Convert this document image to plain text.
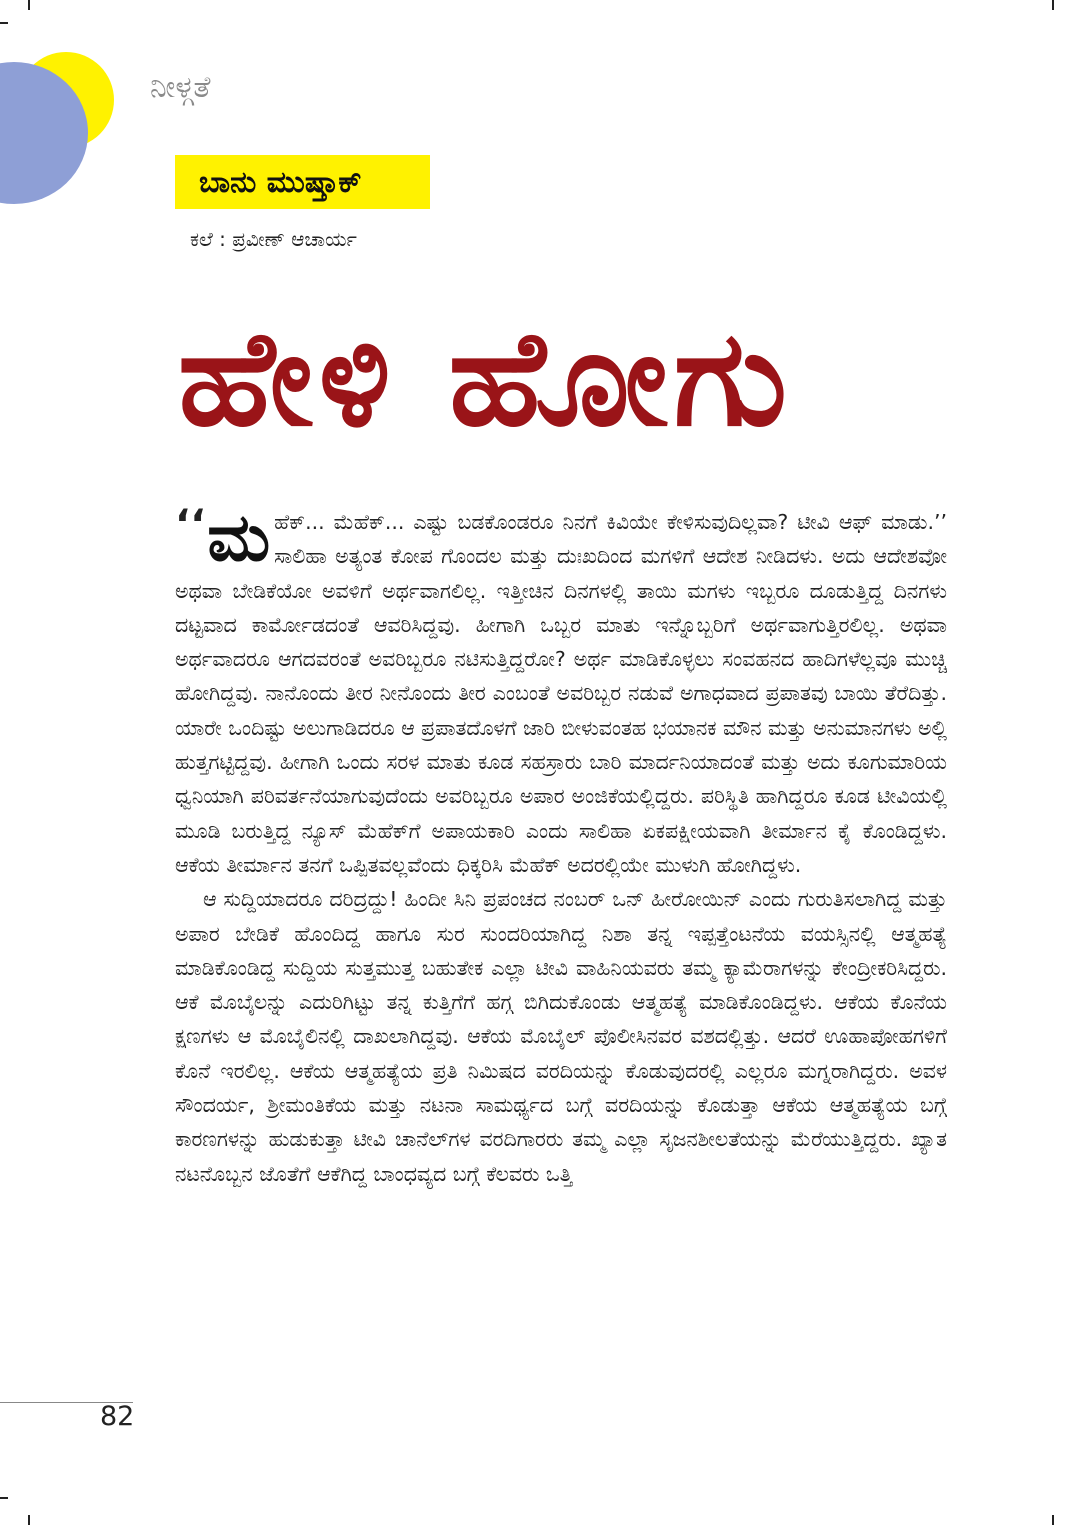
ನೀಳ್ಗತೆ
ಬಾನು ಮುಷ್ತಾಕ್
ಕಲೆ : ಪ್ರವೀಣ್ ಆಚಾರ್ಯ
ಹೇಳಿ ಹೋಗು

‘‘ ಮ ಹೆಕ್... ಮೆಹೆಕ್... ಎಷ್ಟು ಬಡಕೊಂಡರೂ ನಿನಗೆ ಕಿವಿಯೇ ಕೇಳಿಸುವುದಿಲ್ಲವಾ? ಟೀವಿ ಆಫ್ ಮಾಡು.’’ ಸಾಲಿಹಾ ಅತ್ಯಂತ ಕೋಪ ಗೊಂದಲ ಮತ್ತು ದುಃಖದಿಂದ ಮಗಳಿಗೆ ಆದೇಶ ನೀಡಿದಳು. ಅದು ಆದೇಶವೋ ಅಥವಾ ಬೇಡಿಕೆಯೋ ಅವಳಿಗೆ ಅರ್ಥವಾಗಲಿಲ್ಲ. ಇತ್ತೀಚಿನ ದಿನಗಳಲ್ಲಿ ತಾಯಿ ಮಗಳು ಇಬ್ಬರೂ ದೂಡುತ್ತಿದ್ದ ದಿನಗಳು ದಟ್ಟವಾದ ಕಾರ್ಮೋಡದಂತೆ ಆವರಿಸಿದ್ದವು. ಹೀಗಾಗಿ ಒಬ್ಬರ ಮಾತು ಇನ್ನೊಬ್ಬರಿಗೆ ಅರ್ಥವಾಗುತ್ತಿರಲಿಲ್ಲ. ಅಥವಾ ಅರ್ಥವಾದರೂ ಆಗದವರಂತೆ ಅವರಿಬ್ಬರೂ ನಟಿಸುತ್ತಿದ್ದರೋ? ಅರ್ಥ ಮಾಡಿಕೊಳ್ಳಲು ಸಂವಹನದ ಹಾದಿಗಳೆಲ್ಲವೂ ಮುಚ್ಚಿ ಹೋಗಿದ್ದವು. ನಾನೊಂದು ತೀರ ನೀನೊಂದು ತೀರ ಎಂಬಂತೆ ಅವರಿಬ್ಬರ ನಡುವೆ ಅಗಾಧವಾದ ಪ್ರಪಾತವು ಬಾಯಿ ತೆರೆದಿತ್ತು. ಯಾರೇ ಒಂದಿಷ್ಟು ಅಲುಗಾಡಿದರೂ ಆ ಪ್ರಪಾತದೊಳಗೆ ಜಾರಿ ಬೀಳುವಂತಹ ಭಯಾನಕ ಮೌನ ಮತ್ತು ಅನುಮಾನಗಳು ಅಲ್ಲಿ ಹುತ್ತಗಟ್ಟಿದ್ದವು. ಹೀಗಾಗಿ ಒಂದು ಸರಳ ಮಾತು ಕೂಡ ಸಹಸ್ರಾರು ಬಾರಿ ಮಾರ್ದನಿಯಾದಂತೆ ಮತ್ತು ಅದು ಕೂಗುಮಾರಿಯ ಧ್ವನಿಯಾಗಿ ಪರಿವರ್ತನೆಯಾಗುವುದೆಂದು ಅವರಿಬ್ಬರೂ ಅಪಾರ ಅಂಜಿಕೆಯಲ್ಲಿದ್ದರು. ಪರಿಸ್ಥಿತಿ ಹಾಗಿದ್ದರೂ ಕೂಡ ಟೀವಿಯಲ್ಲಿ ಮೂಡಿ ಬರುತ್ತಿದ್ದ ನ್ಯೂಸ್ ಮೆಹೆಕ್‌ಗೆ ಅಪಾಯಕಾರಿ ಎಂದು ಸಾಲಿಹಾ ಏಕಪಕ್ಷೀಯವಾಗಿ ತೀರ್ಮಾನ ಕೈ ಕೊಂಡಿದ್ದಳು. ಆಕೆಯ ತೀರ್ಮಾನ ತನಗೆ ಒಪ್ಪಿತವಲ್ಲವೆಂದು ಧಿಕ್ಕರಿಸಿ ಮೆಹೆಕ್ ಅದರಲ್ಲಿಯೇ ಮುಳುಗಿ ಹೋಗಿದ್ದಳು.

ಆ ಸುದ್ದಿಯಾದರೂ ದರಿದ್ರದ್ದು! ಹಿಂದೀ ಸಿನಿ ಪ್ರಪಂಚದ ನಂಬರ್ ಒನ್ ಹೀರೋಯಿನ್ ಎಂದು ಗುರುತಿಸಲಾಗಿದ್ದ ಮತ್ತು ಅಪಾರ ಬೇಡಿಕೆ ಹೊಂದಿದ್ದ ಹಾಗೂ ಸುರ ಸುಂದರಿಯಾಗಿದ್ದ ನಿಶಾ ತನ್ನ ಇಪ್ಪತ್ತೆಂಟನೆಯ ವಯಸ್ಸಿನಲ್ಲಿ ಆತ್ಮಹತ್ಯೆ ಮಾಡಿಕೊಂಡಿದ್ದ ಸುದ್ದಿಯ ಸುತ್ತಮುತ್ತ ಬಹುತೇಕ ಎಲ್ಲಾ ಟೀವಿ ವಾಹಿನಿಯವರು ತಮ್ಮ ಕ್ಯಾಮೆರಾಗಳನ್ನು ಕೇಂದ್ರೀಕರಿಸಿದ್ದರು. ಆಕೆ ಮೊಬೈಲನ್ನು ಎದುರಿಗಿಟ್ಟು ತನ್ನ ಕುತ್ತಿಗೆಗೆ ಹಗ್ಗ ಬಿಗಿದುಕೊಂಡು ಆತ್ಮಹತ್ಯೆ ಮಾಡಿಕೊಂಡಿದ್ದಳು. ಆಕೆಯ ಕೊನೆಯ ಕ್ಷಣಗಳು ಆ ಮೊಬೈಲಿನಲ್ಲಿ ದಾಖಲಾಗಿದ್ದವು. ಆಕೆಯ ಮೊಬೈಲ್ ಪೊಲೀಸಿನವರ ವಶದಲ್ಲಿತ್ತು. ಆದರೆ ಊಹಾಪೋಹಗಳಿಗೆ ಕೊನೆ ಇರಲಿಲ್ಲ. ಆಕೆಯ ಆತ್ಮಹತ್ಯೆಯ ಪ್ರತಿ ನಿಮಿಷದ ವರದಿಯನ್ನು ಕೊಡುವುದರಲ್ಲಿ ಎಲ್ಲರೂ ಮಗ್ನರಾಗಿದ್ದರು. ಅವಳ ಸೌಂದರ್ಯ, ಶ್ರೀಮಂತಿಕೆಯ ಮತ್ತು ನಟನಾ ಸಾಮರ್ಥ್ಯದ ಬಗ್ಗೆ ವರದಿಯನ್ನು ಕೊಡುತ್ತಾ ಆಕೆಯ ಆತ್ಮಹತ್ಯೆಯ ಬಗ್ಗೆ ಕಾರಣಗಳನ್ನು ಹುಡುಕುತ್ತಾ ಟೀವಿ ಚಾನೆಲ್‌ಗಳ ವರದಿಗಾರರು ತಮ್ಮ ಎಲ್ಲಾ ಸೃಜನಶೀಲತೆಯನ್ನು ಮೆರೆಯುತ್ತಿದ್ದರು. ಖ್ಯಾತ ನಟನೊಬ್ಬನ ಜೊತೆಗೆ ಆಕೆಗಿದ್ದ ಬಾಂಧವ್ಯದ ಬಗ್ಗೆ ಕೆಲವರು ಒತ್ತಿ

82
